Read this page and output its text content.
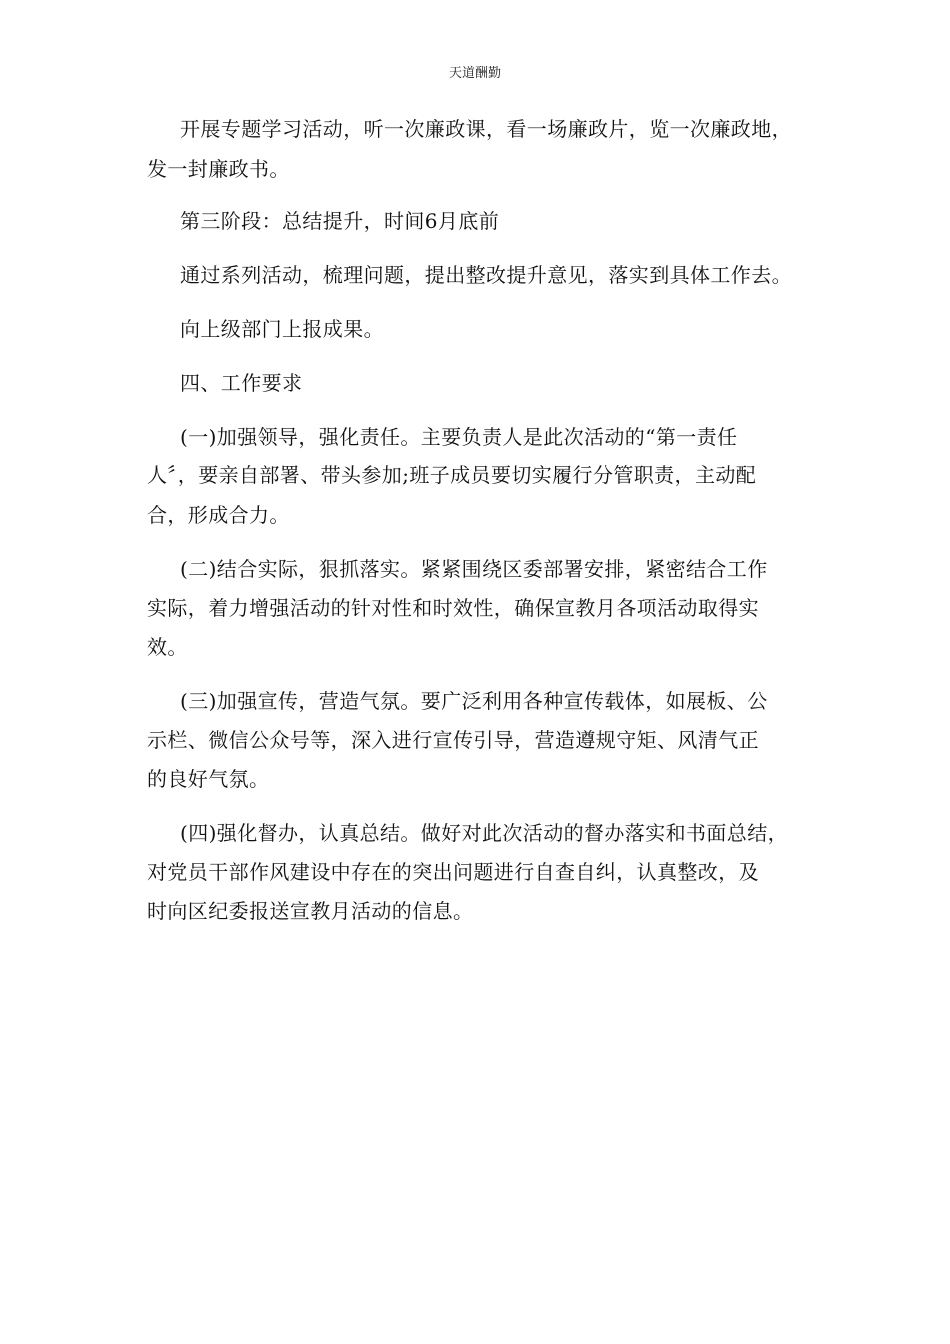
天道酬勤
开展专题学习活动，听一次廉政课，看一场廉政片，览一次廉政地，
发一封廉政书。
第三阶段：总结提升，时间6月底前
通过系列活动，梳理问题，提出整改提升意见，落实到具体工作去。
向上级部门上报成果。
四、工作要求
(一)加强领导，强化责任。主要负责人是此次活动的“第一责任
人〞，要亲自部署、带头参加;班子成员要切实履行分管职责，主动配
合，形成合力。
(二)结合实际，狠抓落实。紧紧围绕区委部署安排，紧密结合工作
实际，着力增强活动的针对性和时效性，确保宣教月各项活动取得实
效。
(三)加强宣传，营造气氛。要广泛利用各种宣传载体，如展板、公
示栏、微信公众号等，深入进行宣传引导，营造遵规守矩、风清气正
的良好气氛。
(四)强化督办，认真总结。做好对此次活动的督办落实和书面总结，
对党员干部作风建设中存在的突出问题进行自查自纠，认真整改，及
时向区纪委报送宣教月活动的信息。
